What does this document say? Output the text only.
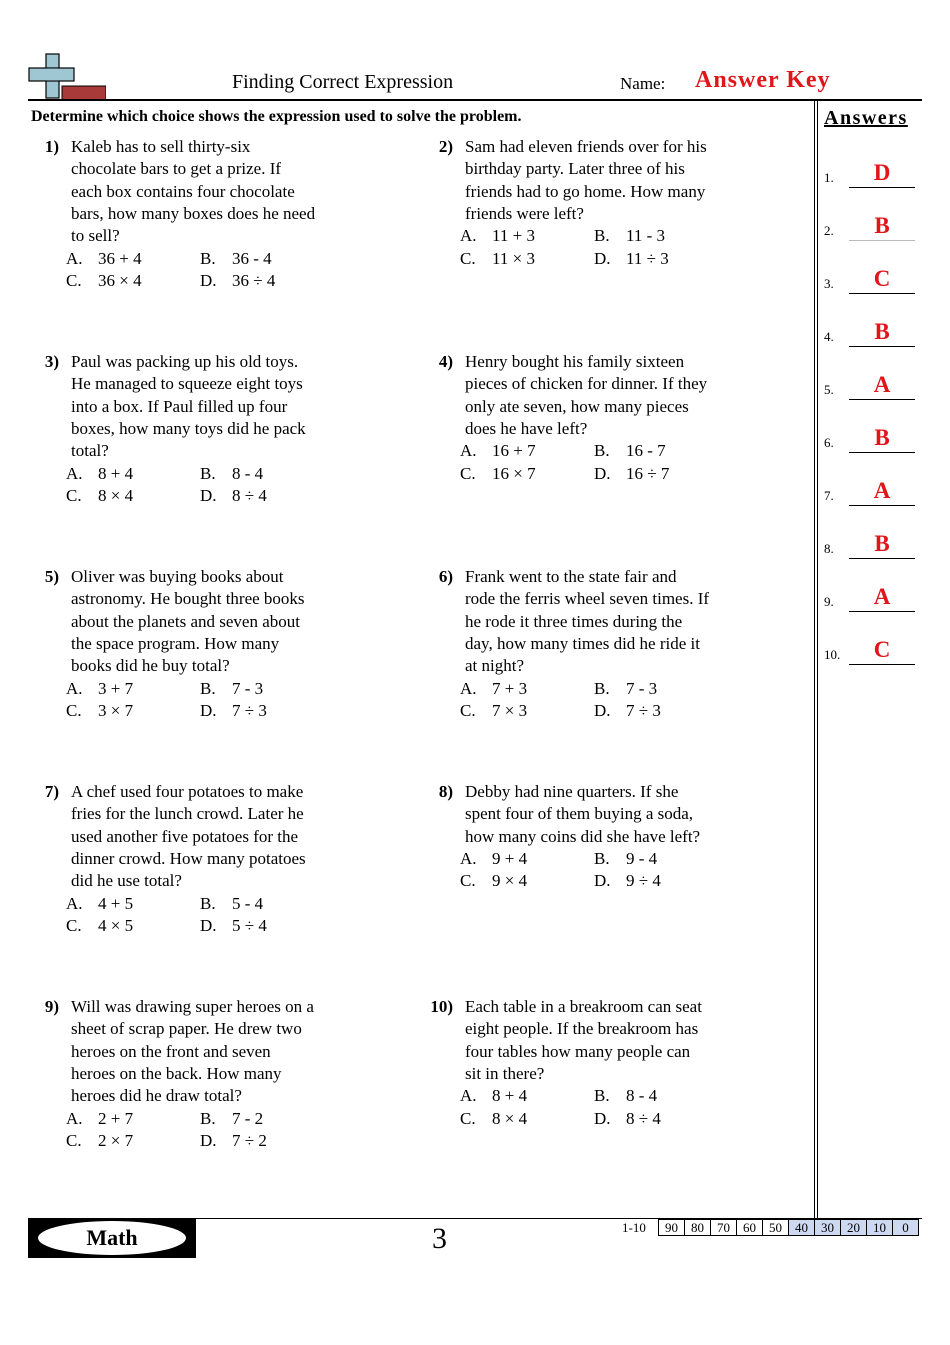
Finding Correct Expression	Name: Answer Key
Determine which choice shows the expression used to solve the problem.	Answers
1.	D
2.	B
3.	C
4.	B
5.	A
6.	B
7.	A
8.	B
9.	A
10.	C
1) Kaleb has to sell thirty-six
chocolate bars to get a prize. If
each box contains four chocolate
bars, how many boxes does he need
to sell?
A. 36 + 4	B. 36 - 4
C. 36 × 4	D. 36 ÷ 4
2) Sam had eleven friends over for his
birthday party. Later three of his
friends had to go home. How many
friends were left?
A. 11 + 3	B. 11 - 3
C. 11 × 3	D. 11 ÷ 3
3) Paul was packing up his old toys.
He managed to squeeze eight toys
into a box. If Paul filled up four
boxes, how many toys did he pack
total?
A. 8 + 4	B. 8 - 4
C. 8 × 4	D. 8 ÷ 4
4) Henry bought his family sixteen
pieces of chicken for dinner. If they
only ate seven, how many pieces
does he have left?
A. 16 + 7	B. 16 - 7
C. 16 × 7	D. 16 ÷ 7
5) Oliver was buying books about
astronomy. He bought three books
about the planets and seven about
the space program. How many
books did he buy total?
A. 3 + 7	B. 7 - 3
C. 3 × 7	D. 7 ÷ 3
6) Frank went to the state fair and
rode the ferris wheel seven times. If
he rode it three times during the
day, how many times did he ride it
at night?
A. 7 + 3	B. 7 - 3
C. 7 × 3	D. 7 ÷ 3
7) A chef used four potatoes to make
fries for the lunch crowd. Later he
used another five potatoes for the
dinner crowd. How many potatoes
did he use total?
A. 4 + 5	B. 5 - 4
C. 4 × 5	D. 5 ÷ 4
8) Debby had nine quarters. If she
spent four of them buying a soda,
how many coins did she have left?
A. 9 + 4	B. 9 - 4
C. 9 × 4	D. 9 ÷ 4
9) Will was drawing super heroes on a
sheet of scrap paper. He drew two
heroes on the front and seven
heroes on the back. How many
heroes did he draw total?
A. 2 + 7	B. 7 - 2
C. 2 × 7	D. 7 ÷ 2
10) Each table in a breakroom can seat
eight people. If the breakroom has
four tables how many people can
sit in there?
A. 8 + 4	B. 8 - 4
C. 8 × 4	D. 8 ÷ 4
Math	3	1-10 90	80	70	60	50	40	30	20	10	0
